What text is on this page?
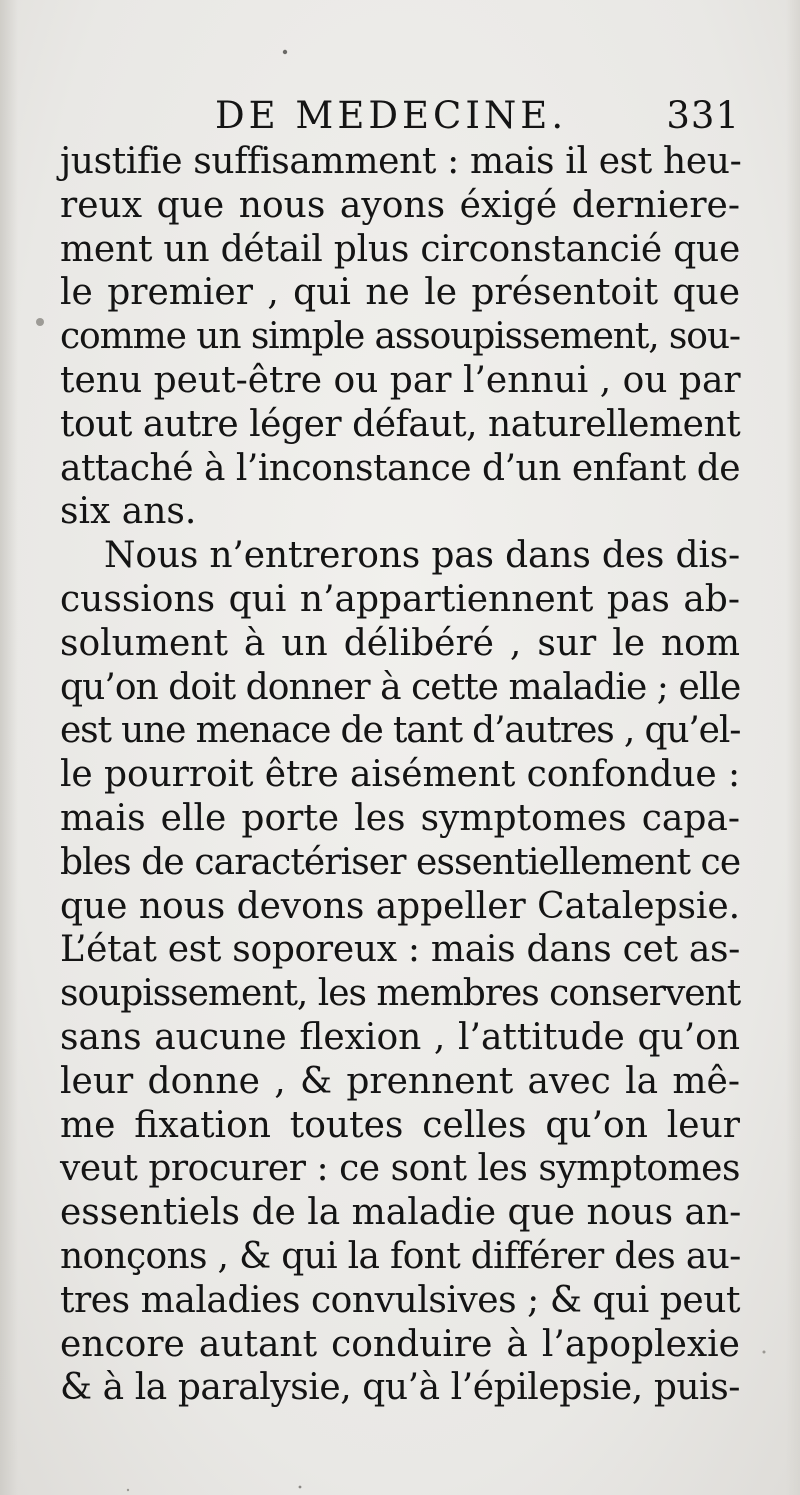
DE MEDECINE.	331
justifie suffisamment : mais il est heu-
reux que nous ayons éxigé derniere-
ment un détail plus circonstancié que
le premier , qui ne le présentoit que
comme un simple assoupissement, sou-
tenu peut-être ou par l’ennui , ou par
tout autre léger défaut, naturellement
attaché à l’inconstance d’un enfant de
six ans.
Nous n’entrerons pas dans des dis-
cussions qui n’appartiennent pas ab-
solument à un délibéré , sur le nom
qu’on doit donner à cette maladie ; elle
est une menace de tant d’autres , qu’el-
le pourroit être aisément confondue :
mais elle porte les symptomes capa-
bles de caractériser essentiellement ce
que nous devons appeller Catalepsie.
L’état est soporeux : mais dans cet as-
soupissement, les membres conservent
sans aucune flexion , l’attitude qu’on
leur donne , & prennent avec la mê-
me fixation toutes celles qu’on leur
veut procurer : ce sont les symptomes
essentiels de la maladie que nous an-
nonçons , & qui la font différer des au-
tres maladies convulsives ; & qui peut
encore autant conduire à l’apoplexie
& à la paralysie, qu’à l’épilepsie, puis-
